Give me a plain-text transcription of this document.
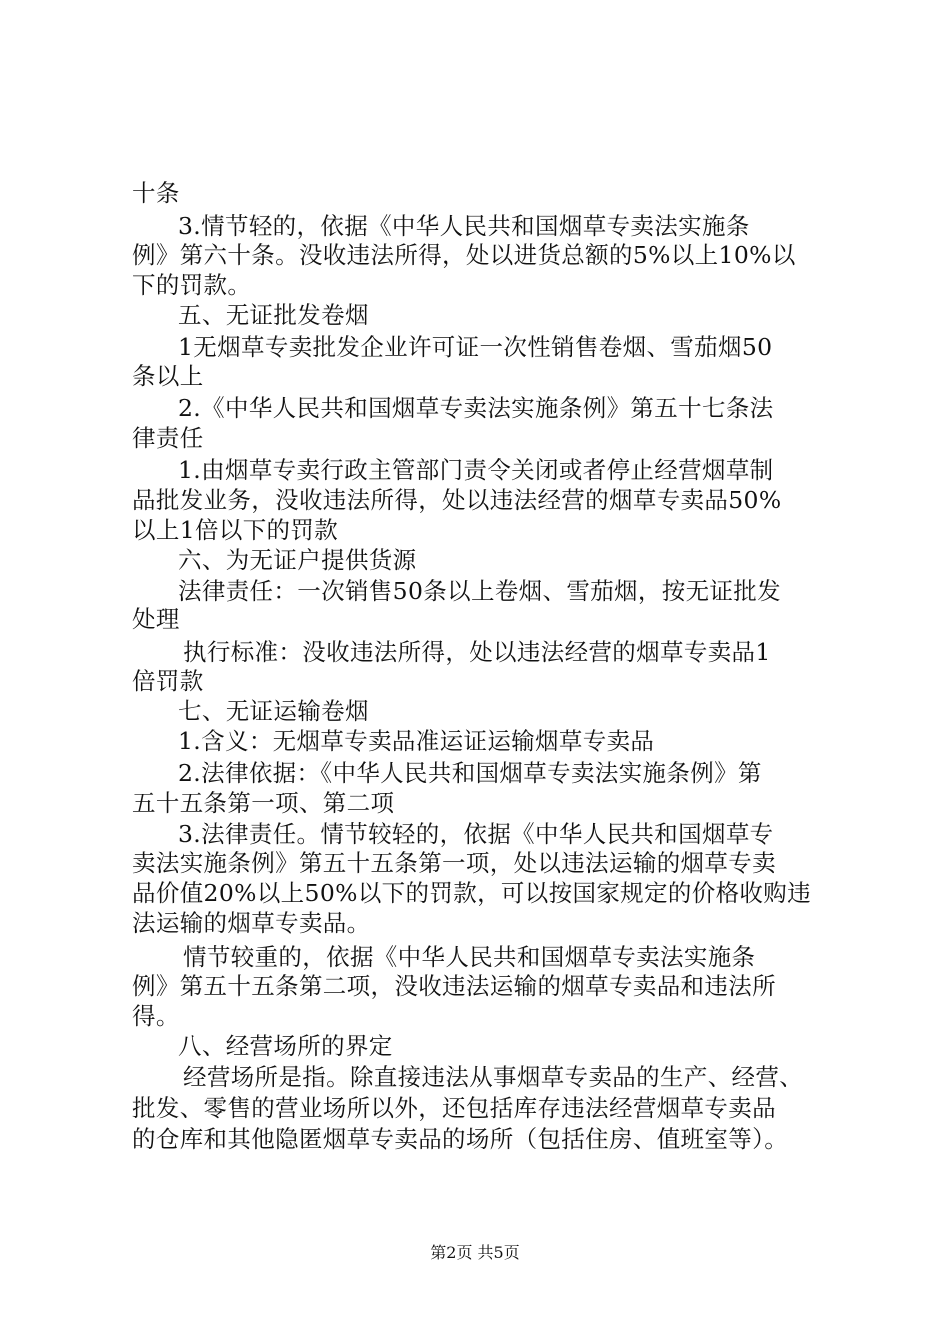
十条
3.情节轻的，依据《中华人民共和国烟草专卖法实施条
例》第六十条。没收违法所得，处以进货总额的5%以上10%以
下的罚款。
五、无证批发卷烟
1无烟草专卖批发企业许可证一次性销售卷烟、雪茄烟50
条以上
2.《中华人民共和国烟草专卖法实施条例》第五十七条法
律责任
1.由烟草专卖行政主管部门责令关闭或者停止经营烟草制
品批发业务，没收违法所得，处以违法经营的烟草专卖品50%
以上1倍以下的罚款
六、为无证户提供货源
法律责任：一次销售50条以上卷烟、雪茄烟，按无证批发
处理
执行标准：没收违法所得，处以违法经营的烟草专卖品1
倍罚款
七、无证运输卷烟
1.含义：无烟草专卖品准运证运输烟草专卖品
2.法律依据：《中华人民共和国烟草专卖法实施条例》第
五十五条第一项、第二项
3.法律责任。情节较轻的，依据《中华人民共和国烟草专
卖法实施条例》第五十五条第一项，处以违法运输的烟草专卖
品价值20%以上50%以下的罚款，可以按国家规定的价格收购违
法运输的烟草专卖品。
情节较重的，依据《中华人民共和国烟草专卖法实施条
例》第五十五条第二项，没收违法运输的烟草专卖品和违法所
得。
八、经营场所的界定
经营场所是指。除直接违法从事烟草专卖品的生产、经营、
批发、零售的营业场所以外，还包括库存违法经营烟草专卖品
的仓库和其他隐匿烟草专卖品的场所（包括住房、值班室等）。
第2页 共5页
